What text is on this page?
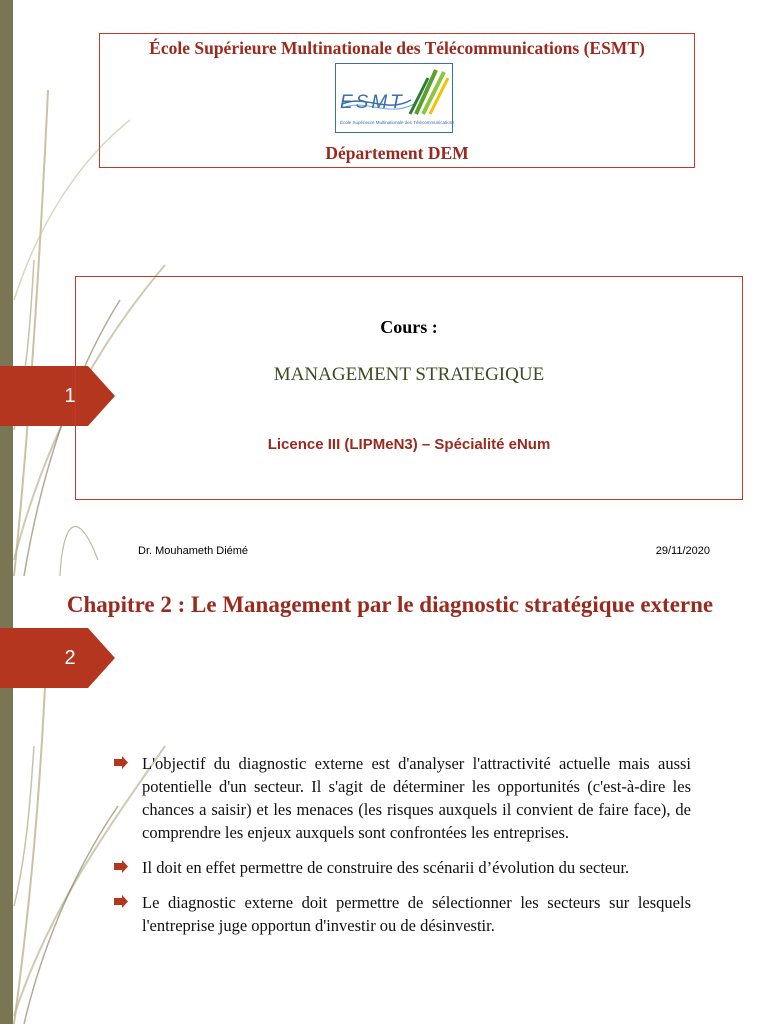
1
École Supérieure Multinationale des Télécommunications (ESMT)
ESMT
École Supérieure Multinationale des Télécommunications
Département DEM
Cours :
MANAGEMENT STRATEGIQUE
Licence III (LIPMeN3) – Spécialité eNum
Dr. Mouhameth Diémé	29/11/2020
Chapitre 2 : Le Management par le diagnostic stratégique externe
2
L'objectif du diagnostic externe est d'analyser l'attractivité actuelle mais aussi potentielle d'un secteur. Il s'agit de déterminer les opportunités (c'est-à-dire les chances a saisir) et les menaces (les risques auxquels il convient de faire face), de comprendre les enjeux auxquels sont confrontées les entreprises.
Il doit en effet permettre de construire des scénarii d’évolution du secteur.
Le diagnostic externe doit permettre de sélectionner les secteurs sur lesquels l'entreprise juge opportun d'investir ou de désinvestir.
